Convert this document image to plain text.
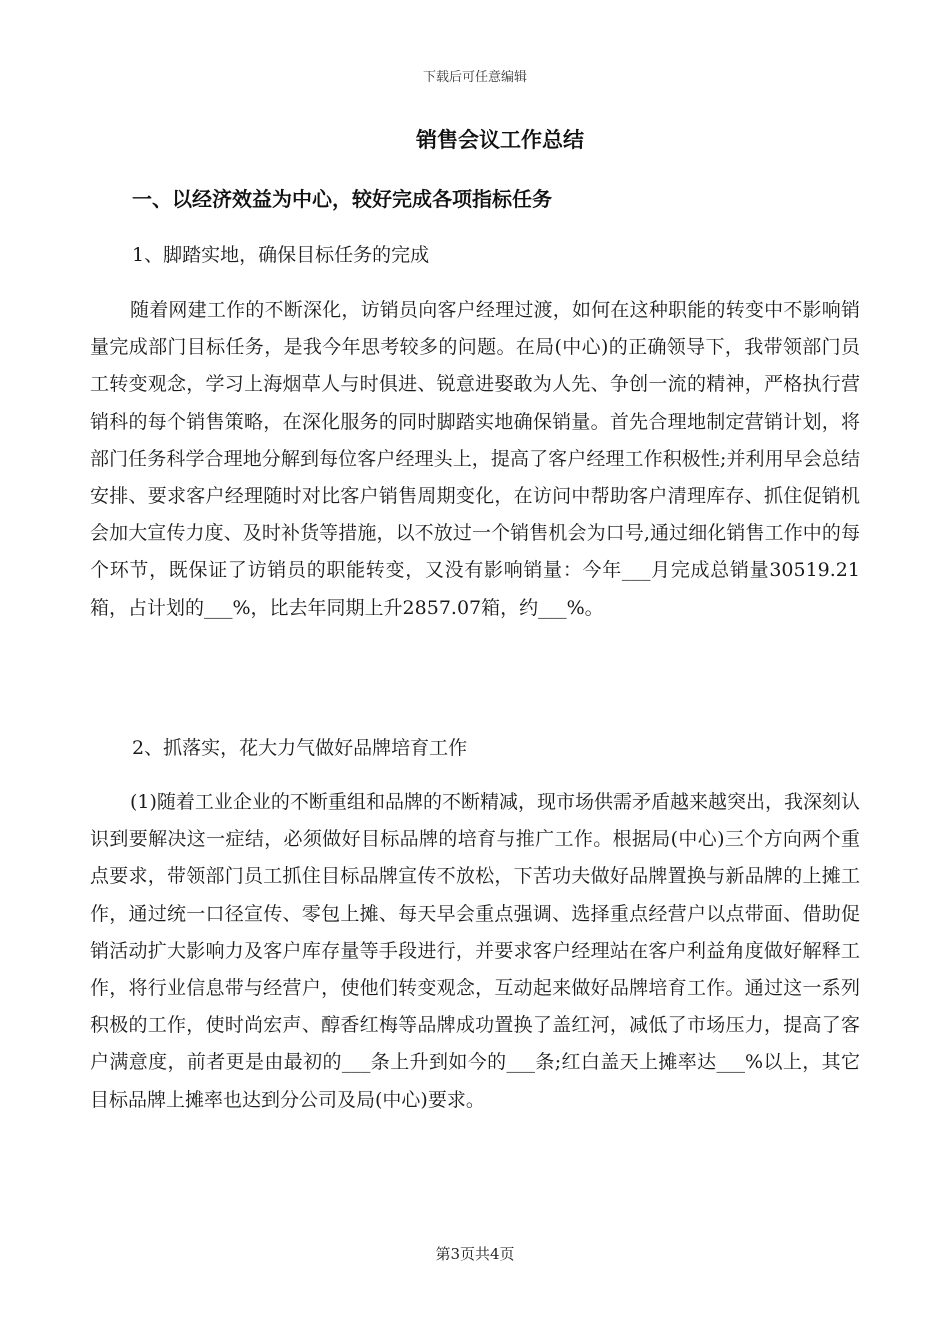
下载后可任意编辑
销售会议工作总结
一、以经济效益为中心，较好完成各项指标任务
1、脚踏实地，确保目标任务的完成

随着网建工作的不断深化，访销员向客户经理过渡，如何在这种职能的转变中不影响销量完成部门目标任务，是我今年思考较多的问题。在局(中心)的正确领导下，我带领部门员工转变观念，学习上海烟草人与时俱进、锐意进娶敢为人先、争创一流的精神，严格执行营销科的每个销售策略，在深化服务的同时脚踏实地确保销量。首先合理地制定营销计划，将部门任务科学合理地分解到每位客户经理头上，提高了客户经理工作积极性;并利用早会总结安排、要求客户经理随时对比客户销售周期变化，在访问中帮助客户清理库存、抓住促销机会加大宣传力度、及时补货等措施，以不放过一个销售机会为口号,通过细化销售工作中的每个环节，既保证了访销员的职能转变，又没有影响销量：今年___月完成总销量30519.21箱，占计划的___%，比去年同期上升2857.07箱，约___%。

2、抓落实，花大力气做好品牌培育工作

(1)随着工业企业的不断重组和品牌的不断精减，现市场供需矛盾越来越突出，我深刻认识到要解决这一症结，必须做好目标品牌的培育与推广工作。根据局(中心)三个方向两个重点要求，带领部门员工抓住目标品牌宣传不放松，下苦功夫做好品牌置换与新品牌的上摊工作，通过统一口径宣传、零包上摊、每天早会重点强调、选择重点经营户以点带面、借助促销活动扩大影响力及客户库存量等手段进行，并要求客户经理站在客户利益角度做好解释工作，将行业信息带与经营户，使他们转变观念，互动起来做好品牌培育工作。通过这一系列积极的工作，使时尚宏声、醇香红梅等品牌成功置换了盖红河，减低了市场压力，提高了客户满意度，前者更是由最初的___条上升到如今的___条;红白盖天上摊率达___%以上，其它目标品牌上摊率也达到分公司及局(中心)要求。

第3页共4页
